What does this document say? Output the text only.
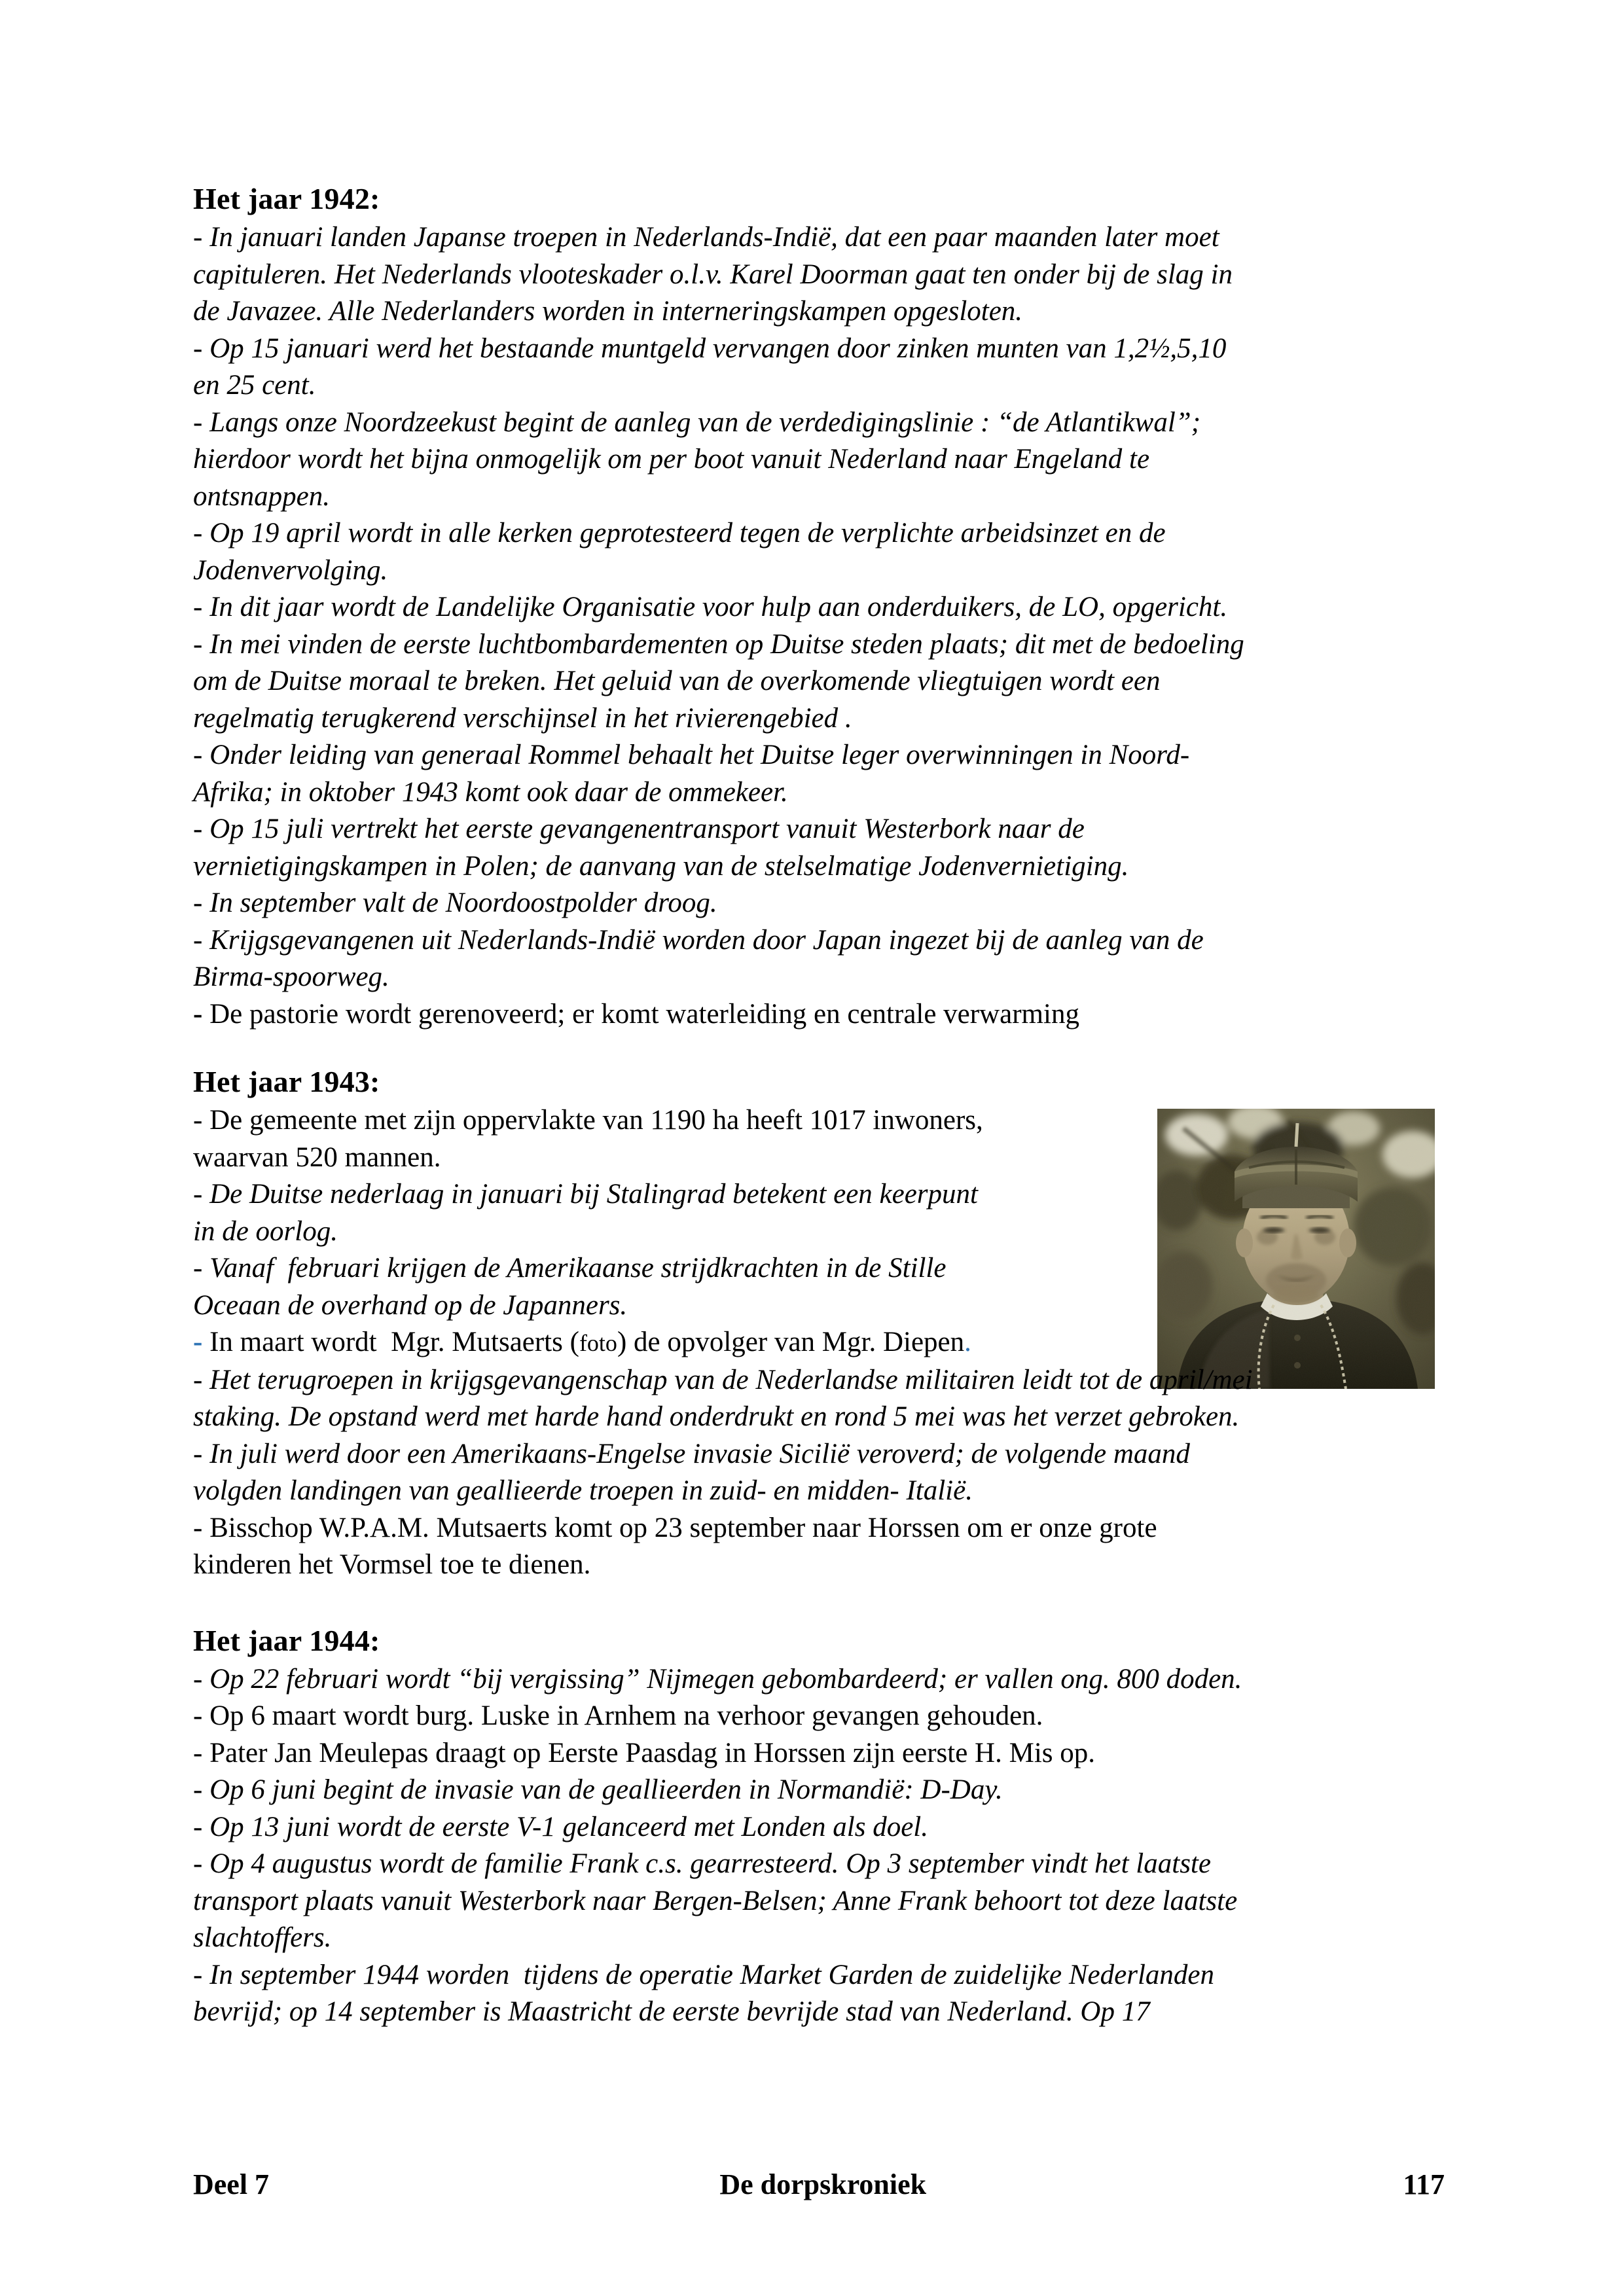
Het jaar 1942:

- In januari landen Japanse troepen in Nederlands-Indië, dat een paar maanden later moet

capituleren. Het Nederlands vlooteskader o.l.v. Karel Doorman gaat ten onder bij de slag in

de Javazee. Alle Nederlanders worden in interneringskampen opgesloten.

- Op 15 januari werd het bestaande muntgeld vervangen door zinken munten van 1,2½,5,10

en 25 cent.

- Langs onze Noordzeekust begint de aanleg van de verdedigingslinie : “de Atlantikwal”;

hierdoor wordt het bijna onmogelijk om per boot vanuit Nederland naar Engeland te

ontsnappen.

- Op 19 april wordt in alle kerken geprotesteerd tegen de verplichte arbeidsinzet en de

Jodenvervolging.

- In dit jaar wordt de Landelijke Organisatie voor hulp aan onderduikers, de LO, opgericht.

- In mei vinden de eerste luchtbombardementen op Duitse steden plaats; dit met de bedoeling

om de Duitse moraal te breken. Het geluid van de overkomende vliegtuigen wordt een

regelmatig terugkerend verschijnsel in het rivierengebied .

- Onder leiding van generaal Rommel behaalt het Duitse leger overwinningen in Noord-

Afrika; in oktober 1943 komt ook daar de ommekeer.

- Op 15 juli vertrekt het eerste gevangenentransport vanuit Westerbork naar de

vernietigingskampen in Polen; de aanvang van de stelselmatige Jodenvernietiging.

- In september valt de Noordoostpolder droog.

- Krijgsgevangenen uit Nederlands-Indië worden door Japan ingezet bij de aanleg van de

Birma-spoorweg.

- De pastorie wordt gerenoveerd; er komt waterleiding en centrale verwarming

Het jaar 1943:

- De gemeente met zijn oppervlakte van 1190 ha heeft 1017 inwoners,

waarvan 520 mannen.

- De Duitse nederlaag in januari bij Stalingrad betekent een keerpunt

in de oorlog.

- Vanaf  februari krijgen de Amerikaanse strijdkrachten in de Stille

Oceaan de overhand op de Japanners.

- In maart wordt  Mgr. Mutsaerts (foto) de opvolger van Mgr. Diepen.

- Het terugroepen in krijgsgevangenschap van de Nederlandse militairen leidt tot de april/mei

staking. De opstand werd met harde hand onderdrukt en rond 5 mei was het verzet gebroken.

- In juli werd door een Amerikaans-Engelse invasie Sicilië veroverd; de volgende maand

volgden landingen van geallieerde troepen in zuid- en midden- Italië.

- Bisschop W.P.A.M. Mutsaerts komt op 23 september naar Horssen om er onze grote

kinderen het Vormsel toe te dienen.

Het jaar 1944:

- Op 22 februari wordt “bij vergissing” Nijmegen gebombardeerd; er vallen ong. 800 doden.

- Op 6 maart wordt burg. Luske in Arnhem na verhoor gevangen gehouden.

- Pater Jan Meulepas draagt op Eerste Paasdag in Horssen zijn eerste H. Mis op.

- Op 6 juni begint de invasie van de geallieerden in Normandië: D-Day.

- Op 13 juni wordt de eerste V-1 gelanceerd met Londen als doel.

- Op 4 augustus wordt de familie Frank c.s. gearresteerd. Op 3 september vindt het laatste

transport plaats vanuit Westerbork naar Bergen-Belsen; Anne Frank behoort tot deze laatste

slachtoffers.

- In september 1944 worden  tijdens de operatie Market Garden de zuidelijke Nederlanden

bevrijd; op 14 september is Maastricht de eerste bevrijde stad van Nederland. Op 17

Deel 7	De dorpskroniek	117
